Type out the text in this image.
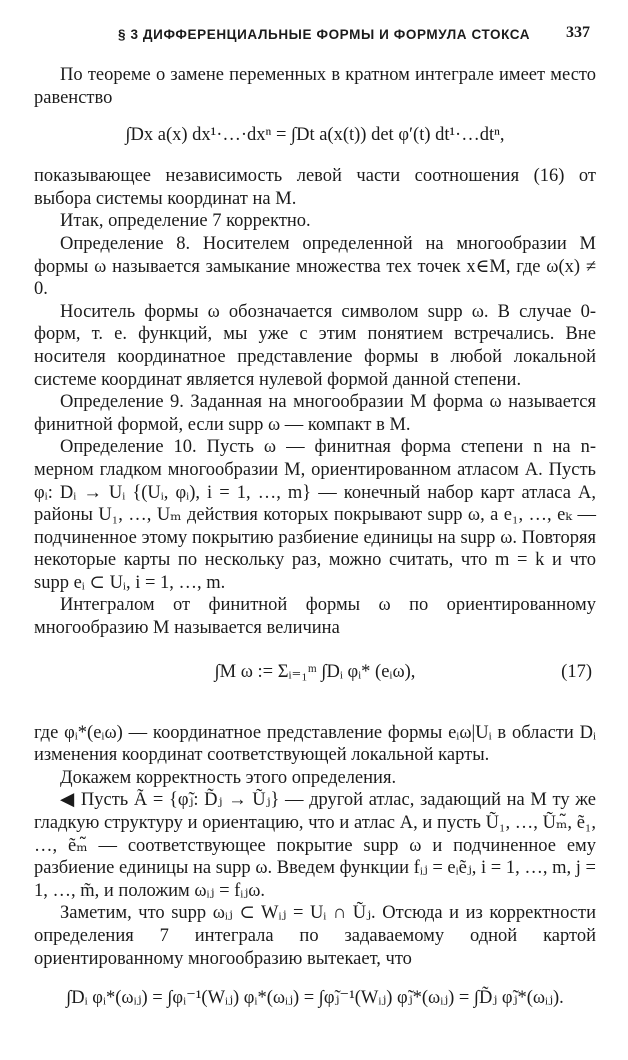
§ 3 ДИФФЕРЕНЦИАЛЬНЫЕ ФОРМЫ И ФОРМУЛА СТОКСА 337

По теореме о замене переменных в кратном интеграле имеет место равенство

∫Dx a(x) dx¹·…·dxⁿ = ∫Dt a(x(t)) det φ′(t) dt¹·…dtⁿ,

показывающее независимость левой части соотношения (16) от выбора системы координат на M.

Итак, определение 7 корректно.

Определение 8. Носителем определенной на многообразии M формы ω называется замыкание множества тех точек x∈M, где ω(x) ≠ 0.

Носитель формы ω обозначается символом supp ω. В случае 0-форм, т. е. функций, мы уже с этим понятием встречались. Вне носителя координатное представление формы в любой локальной системе координат является нулевой формой данной степени.

Определение 9. Заданная на многообразии M форма ω называется финитной формой, если supp ω — компакт в M.

Определение 10. Пусть ω — финитная форма степени n на n-мерном гладком многообразии M, ориентированном атласом A. Пусть φᵢ: Dᵢ → Uᵢ {(Uᵢ, φᵢ), i = 1, …, m} — конечный набор карт атласа A, районы U₁, …, Uₘ действия которых покрывают supp ω, а e₁, …, eₖ — подчиненное этому покрытию разбиение единицы на supp ω. Повторяя некоторые карты по нескольку раз, можно считать, что m = k и что supp eᵢ ⊂ Uᵢ, i = 1, …, m.

Интегралом от финитной формы ω по ориентированному многообразию M называется величина

∫M ω := Σᵢ₌₁ᵐ ∫Dᵢ φᵢ* (eᵢω),	(17)

где φᵢ*(eᵢω) — координатное представление формы eᵢω|Uᵢ в области Dᵢ изменения координат соответствующей локальной карты.

Докажем корректность этого определения.

◀ Пусть Ã = {φ̃ⱼ: D̃ⱼ → Ũⱼ} — другой атлас, задающий на M ту же гладкую структуру и ориентацию, что и атлас A, и пусть Ũ₁, …, Ũₘ̃, ẽ₁, …, ẽₘ̃ — соответствующее покрытие supp ω и подчиненное ему разбиение единицы на supp ω. Введем функции fᵢⱼ = eᵢẽⱼ, i = 1, …, m, j = 1, …, m̃, и положим ωᵢⱼ = fᵢⱼω.

Заметим, что supp ωᵢⱼ ⊂ Wᵢⱼ = Uᵢ ∩ Ũⱼ. Отсюда и из корректности определения 7 интеграла по задаваемому одной картой ориентированному многообразию вытекает, что

∫Dᵢ φᵢ*(ωᵢⱼ) = ∫φᵢ⁻¹(Wᵢⱼ) φᵢ*(ωᵢⱼ) = ∫φ̃ⱼ⁻¹(Wᵢⱼ) φ̃ⱼ*(ωᵢⱼ) = ∫D̃ⱼ φ̃ⱼ*(ωᵢⱼ).
